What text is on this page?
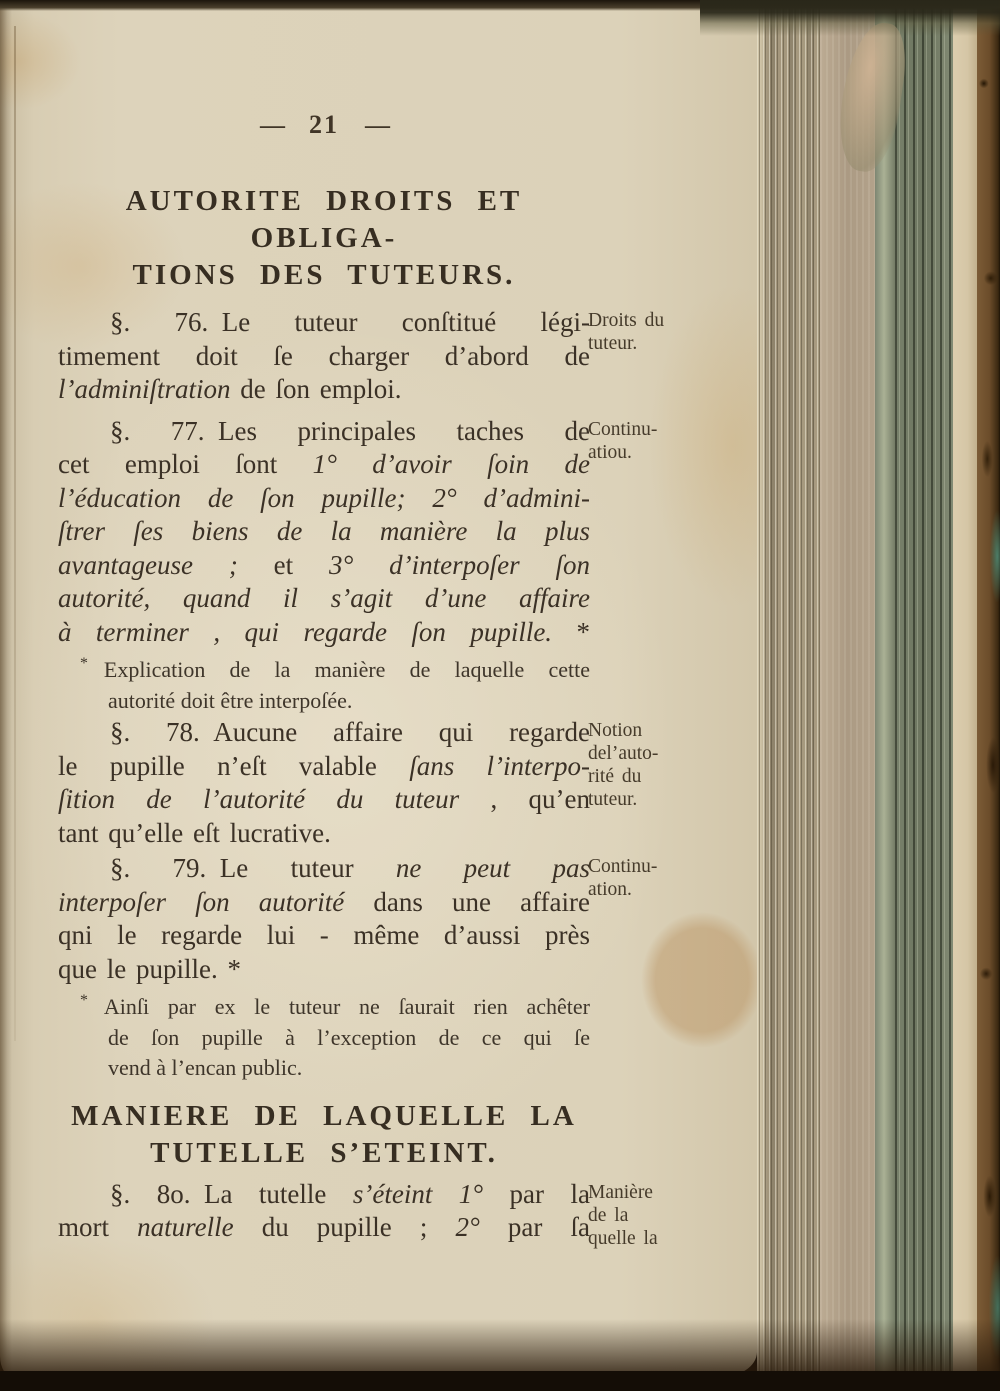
— 21 —
AUTORITE DROITS ET OBLIGA-
TIONS DES TUTEURS.
Droits du
tuteur.
§. 76. Le tuteur conſtitué légi-
timement doit ſe charger d’abord de
l’adminiſtration de ſon emploi.
Continu-
atiou.
§. 77. Les principales taches de
cet emploi ſont 1° d’avoir ſoin de
l’éducation de ſon pupille; 2° d’admini-
ſtrer ſes biens de la manière la plus
avantageuse ; et 3° d’interpoſer ſon
autorité, quand il s’agit d’une affaire
à terminer , qui regarde ſon pupille. *
* Explication de la manière de laquelle cette
autorité doit être interpoſée.
Notion
del’auto-
rité du
tuteur.
§. 78. Aucune affaire qui regarde
le pupille n’eſt valable ſans l’interpo-
ſition de l’autorité du tuteur , qu’en
tant qu’elle eſt lucrative.
Continu-
ation.
§. 79. Le tuteur ne peut pas
interpoſer ſon autorité dans une affaire
qni le regarde lui - même d’aussi près
que le pupille. *
* Ainſi par ex le tuteur ne ſaurait rien achêter
de ſon pupille à l’exception de ce qui ſe
vend à l’encan public.
MANIERE DE LAQUELLE LA
TUTELLE S’ETEINT.
Manière
de la
quelle la
§. 8o. La tutelle s’éteint 1° par la
mort naturelle du pupille ; 2° par ſa
